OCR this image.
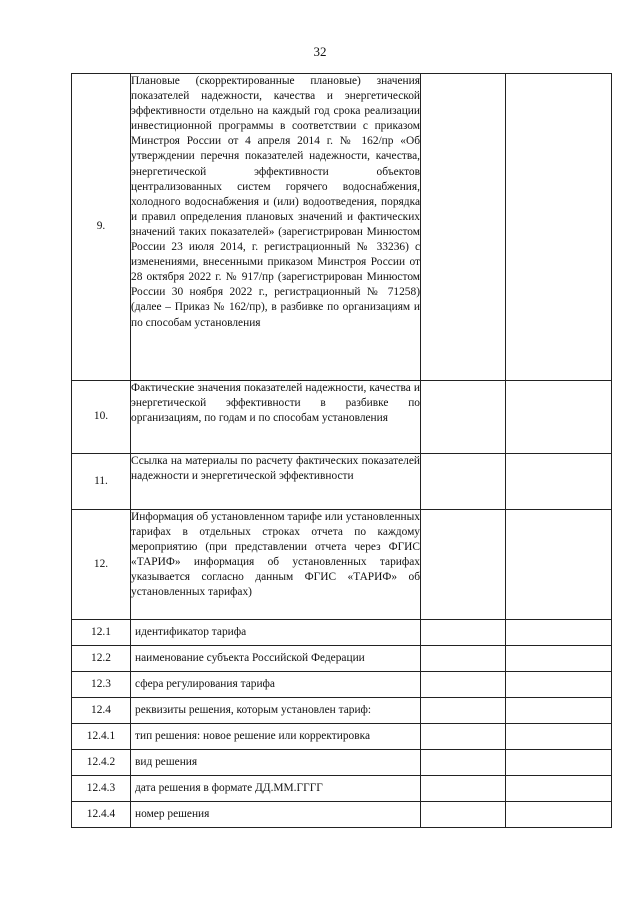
32
9.	Плановые (скорректированные плановые) значения показателей надежности, качества и энергетической эффективности отдельно на каждый год срока реализации инвестиционной программы в соответствии с приказом Минстроя России от 4 апреля 2014 г. № 162/пр «Об утверждении перечня показателей надежности, качества, энергетической эффективности объектов централизованных систем горячего водоснабжения, холодного водоснабжения и (или) водоотведения, порядка и правил определения плановых значений и фактических значений таких показателей» (зарегистрирован Минюстом России 23 июля 2014, г. регистрационный № 33236) с изменениями, внесенными приказом Минстроя России от 28 октября 2022 г. № 917/пр (зарегистрирован Минюстом России 30 ноября 2022 г., регистрационный № 71258) (далее – Приказ № 162/пр), в разбивке по организациям и по способам установления		

10.	Фактические значения показателей надежности, качества и энергетической эффективности в разбивке по организациям, по годам и по способам установления		

11.	Ссылка на материалы по расчету фактических показателей надежности и энергетической эффективности		

12.	Информация об установленном тарифе или установленных тарифах в отдельных строках отчета по каждому мероприятию (при представлении отчета через ФГИС «ТАРИФ» информация об установленных тарифах указывается согласно данным ФГИС «ТАРИФ» об установленных тарифах)		

12.1	идентификатор тарифа		
12.2	наименование субъекта Российской Федерации		
12.3	сфера регулирования тарифа		
12.4	реквизиты решения, которым установлен тариф:		
12.4.1	тип решения: новое решение или корректировка		
12.4.2	вид решения		
12.4.3	дата решения в формате ДД.ММ.ГГГГ		
12.4.4	номер решения		
